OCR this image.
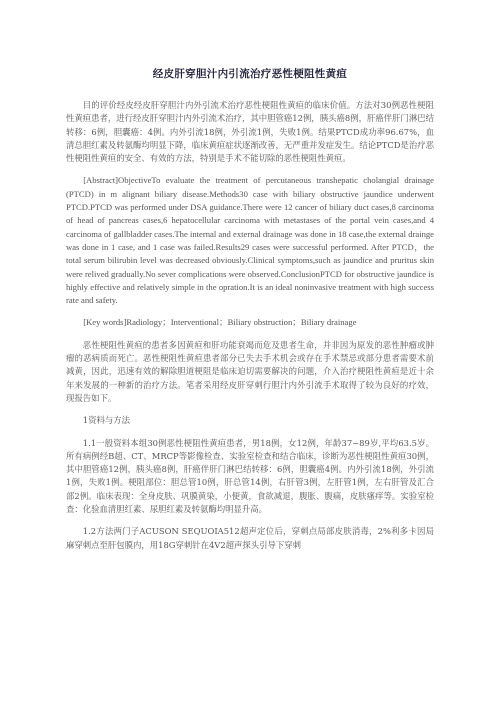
经皮肝穿胆汁内引流治疗恶性梗阻性黄疸

目的评价经皮经皮肝穿胆汁内外引流术治疗恶性梗阻性黄疸的临床价值。方法对30例恶性梗阻性黄疸患者，进行经皮肝穿胆汁内外引流术治疗，其中胆管癌12例，胰头癌8例，肝癌伴肝门淋巴结转移：6例，胆囊癌：4例。内外引流18例，外引流1例，失败1例。结果PTCD成功率96.67%，血清总胆红素及转氨酶均明显下降，临床黄疸症状逐渐改善，无严重并发症发生。结论PTCD是治疗恶性梗阻性黄疸的安全、有效的方法，特别是手术不能切除的恶性梗阻性黄疸。

[Abstract]ObjectiveTo evaluate the treatment of percutaneous transhepatic cholangial drainage (PTCD) in m alignant biliary disease.Methods30 case with biliary obstructive jaundice underwent PTCD.PTCD was performed under DSA guidance.There were 12 cancer of biliary duct cases,8 carcinoma of head of pancreas cases,6 hepatocellular carcinoma with metastases of the portal vein cases,and 4 carcinoma of gallbladder cases.The internal and external drainage was done in 18 case,the external drainge was done in 1 case, and 1 case was failed.Results29 cases were successful performed. After PTCD，the total serum bilirubin level was decreased obviously.Clinical symptoms,such as jaundice and pruritus skin were relived gradually.No sever complications were observed.ConclusionPTCD for obstructive jaundice is highly effective and relatively simple in the opration.It is an ideal noninvasive treatment with high success rate and safety.

[Key words]Radiology；Interventional；Biliary obstruction；Biliary drainage

恶性梗阻性黄疸的患者多因黄疸和肝功能衰竭而危及患者生命，并非因为原发的恶性肿瘤或肿瘤的恶病质而死亡。恶性梗阻性黄疸患者部分已失去手术机会或存在手术禁忌或部分患者需要术前减黄，因此，迅速有效的解除胆道梗阻是临床迫切需要解决的问题，介入治疗梗阻性黄疸是近十余年来发展的一种新的治疗方法。笔者采用经皮肝穿刺行胆汁内外引流手术取得了较为良好的疗效，现报告如下。

1资料与方法

1.1一般资料本组30例恶性梗阻性黄疸患者，男18例，女12例，年龄37~89岁,平均63.5岁。所有病例经B超、CT、MRCP等影像检查、实验室检查和结合临床，诊断为恶性梗阻性黄疸30例，其中胆管癌12例，胰头癌8例，肝癌伴肝门淋巴结转移：6例，胆囊癌4例。内外引流18例，外引流1例，失败1例。梗阻部位：胆总管10例，肝总管14例，右肝管3例，左肝管1例，左右肝管及汇合部2例。临床表现：全身皮肤、巩膜黄染，小便黄，食欲减退，腹胀、腹痛，皮肤瘙痒等。实验室检查：化验血清胆红素、尿胆红素及转氨酶均明显升高。

1.2方法两门子ACUSON SEQUOIA512超声定位后，穿刺点局部皮肤消毒，2%利多卡因局麻穿刺点至肝包膜内，用18G穿刺针在4V2超声探头引导下穿刺
